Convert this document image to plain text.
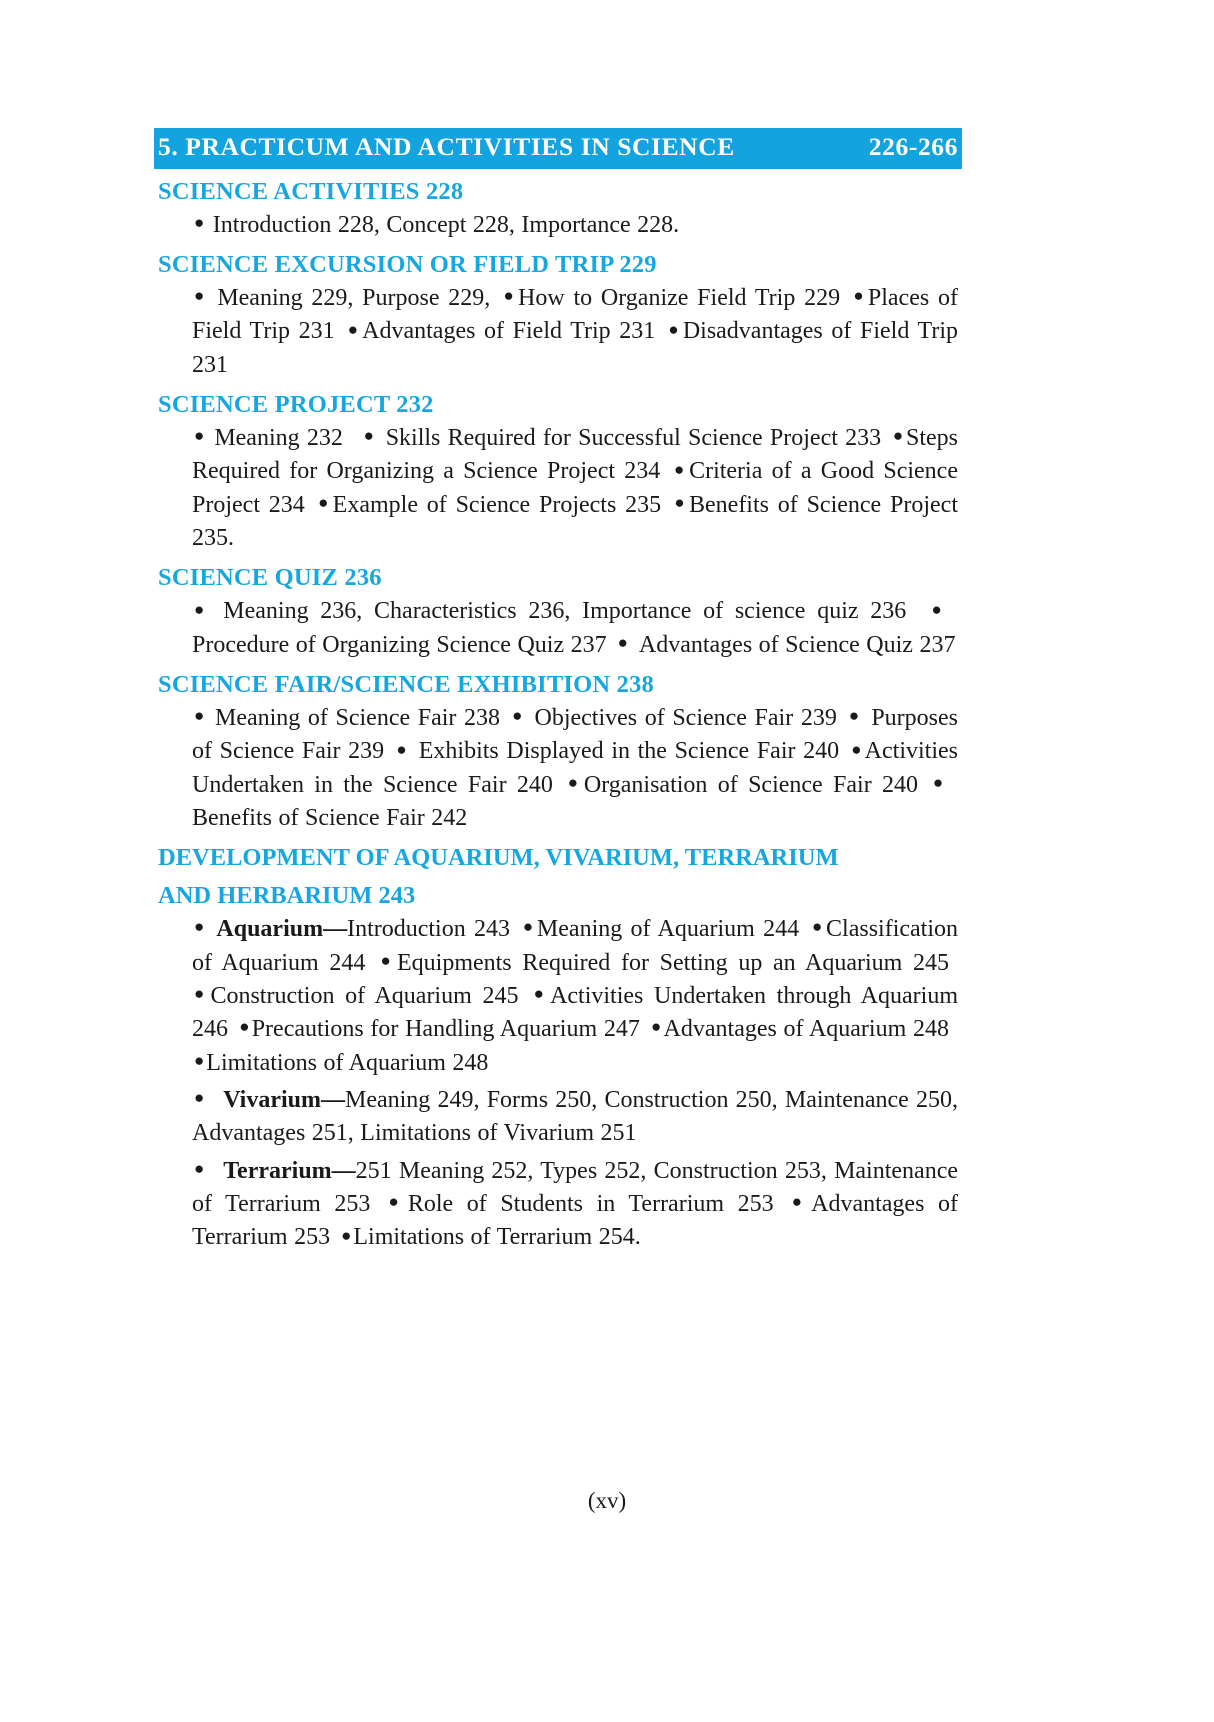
5. PRACTICUM AND ACTIVITIES IN SCIENCE	226-266
SCIENCE ACTIVITIES 228

● Introduction 228, Concept 228, Importance 228.

SCIENCE EXCURSION OR FIELD TRIP 229

● Meaning 229, Purpose 229, ●How to Organize Field Trip 229 ●Places of Field Trip 231 ●Advantages of Field Trip 231 ●Disadvantages of Field Trip 231

SCIENCE PROJECT 232

● Meaning 232 ● Skills Required for Successful Science Project 233 ●Steps Required for Organizing a Science Project 234 ●Criteria of a Good Science Project 234 ●Example of Science Projects 235 ●Benefits of Science Project 235.

SCIENCE QUIZ 236

● Meaning 236, Characteristics 236, Importance of science quiz 236 ●Procedure of Organizing Science Quiz 237 ● Advantages of Science Quiz 237

SCIENCE FAIR/SCIENCE EXHIBITION 238

● Meaning of Science Fair 238 ● Objectives of Science Fair 239 ● Purposes of Science Fair 239 ● Exhibits Displayed in the Science Fair 240 ●Activities Undertaken in the Science Fair 240 ●Organisation of Science Fair 240 ●Benefits of Science Fair 242

DEVELOPMENT OF AQUARIUM, VIVARIUM, TERRARIUM
AND HERBARIUM 243

● Aquarium—Introduction 243 ●Meaning of Aquarium 244 ●Classification of Aquarium 244 ●Equipments Required for Setting up an Aquarium 245●Construction of Aquarium 245 ●Activities Undertaken through Aquarium 246 ●Precautions for Handling Aquarium 247 ●Advantages of Aquarium 248●Limitations of Aquarium 248

● Vivarium—Meaning 249, Forms 250, Construction 250, Maintenance 250, Advantages 251, Limitations of Vivarium 251

● Terrarium—251 Meaning 252, Types 252, Construction 253, Maintenance of Terrarium 253 ●Role of Students in Terrarium 253 ●Advantages of Terrarium 253 ●Limitations of Terrarium 254.

(xv)
